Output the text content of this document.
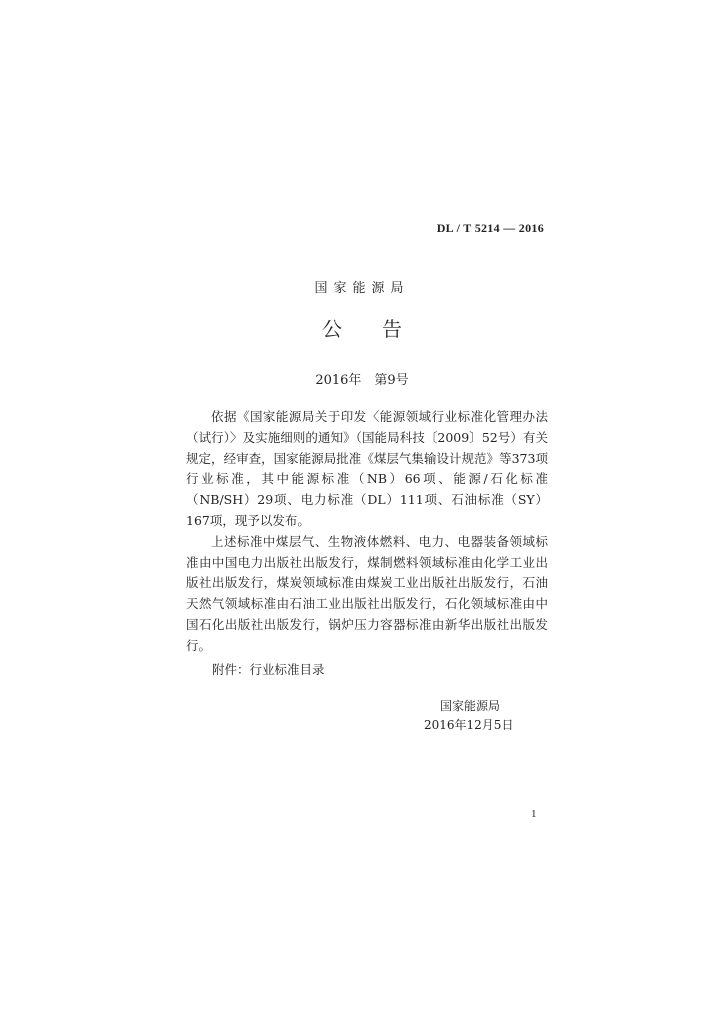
DL / T 5214 — 2016
国家能源局
公告
2016年　第9号

依据《国家能源局关于印发〈能源领域行业标准化管理办法（试行）〉及实施细则的通知》（国能局科技〔2009〕52号）有关规定，经审查，国家能源局批准《煤层气集输设计规范》等373项行业标准，其中能源标准（NB）66项、能源/石化标准（NB/SH）29项、电力标准（DL）111项、石油标准（SY）167项，现予以发布。

上述标准中煤层气、生物液体燃料、电力、电器装备领域标准由中国电力出版社出版发行，煤制燃料领域标准由化学工业出版社出版发行，煤炭领域标准由煤炭工业出版社出版发行，石油天然气领域标准由石油工业出版社出版发行，石化领域标准由中国石化出版社出版发行，锅炉压力容器标准由新华出版社出版发行。

附件：行业标准目录
国家能源局
2016年12月5日
1
